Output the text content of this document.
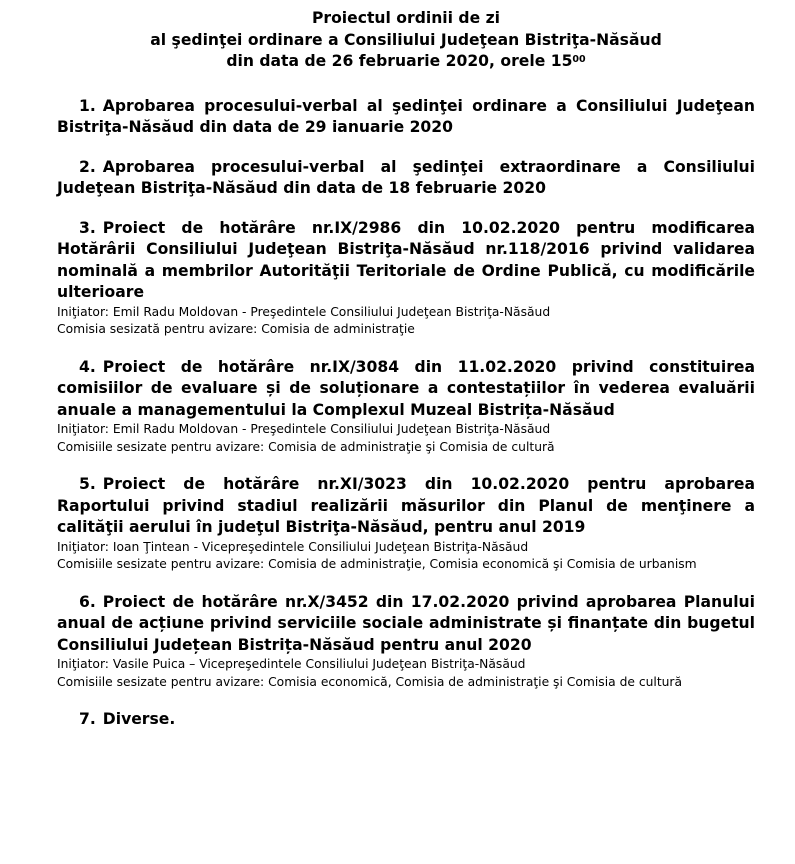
Proiectul ordinii de zi
al şedinţei ordinare a Consiliului Judeţean Bistriţa-Năsăud
din data de 26 februarie 2020, orele $15^{00}$
1. Aprobarea procesului-verbal al şedinţei ordinare a Consiliului Judeţean Bistriţa-Năsăud din data de 29 ianuarie 2020
2. Aprobarea procesului-verbal al şedinţei extraordinare a Consiliului Judeţean Bistriţa-Năsăud din data de 18 februarie 2020
3. Proiect de hotărâre nr.IX/2986 din 10.02.2020 pentru modificarea Hotărârii Consiliului Judeţean Bistriţa-Năsăud nr.118/2016 privind validarea nominală a membrilor Autorităţii Teritoriale de Ordine Publică, cu modificările ulterioare
Iniţiator: Emil Radu Moldovan - Preşedintele Consiliului Judeţean Bistriţa-Năsăud
Comisia sesizată pentru avizare: Comisia de administraţie
4. Proiect de hotărâre nr.IX/3084 din 11.02.2020 privind constituirea comisiilor de evaluare și de soluționare a contestațiilor în vederea evaluării anuale a managementului la Complexul Muzeal Bistrița-Năsăud
Iniţiator: Emil Radu Moldovan - Preşedintele Consiliului Judeţean Bistriţa-Năsăud
Comisiile sesizate pentru avizare: Comisia de administraţie şi Comisia de cultură
5. Proiect de hotărâre nr.XI/3023 din 10.02.2020 pentru aprobarea Raportului privind stadiul realizării măsurilor din Planul de menţinere a calităţii aerului în judeţul Bistriţa-Năsăud, pentru anul 2019
Iniţiator: Ioan Ţintean - Vicepreşedintele Consiliului Judeţean Bistriţa-Năsăud
Comisiile sesizate pentru avizare: Comisia de administraţie, Comisia economică şi Comisia de urbanism
6. Proiect de hotărâre nr.X/3452 din 17.02.2020 privind aprobarea Planului anual de acțiune privind serviciile sociale administrate și finanțate din bugetul Consiliului Județean Bistrița-Năsăud pentru anul 2020
Iniţiator: Vasile Puica – Vicepreşedintele Consiliului Judeţean Bistriţa-Năsăud
Comisiile sesizate pentru avizare: Comisia economică, Comisia de administraţie şi Comisia de cultură
7. Diverse.
